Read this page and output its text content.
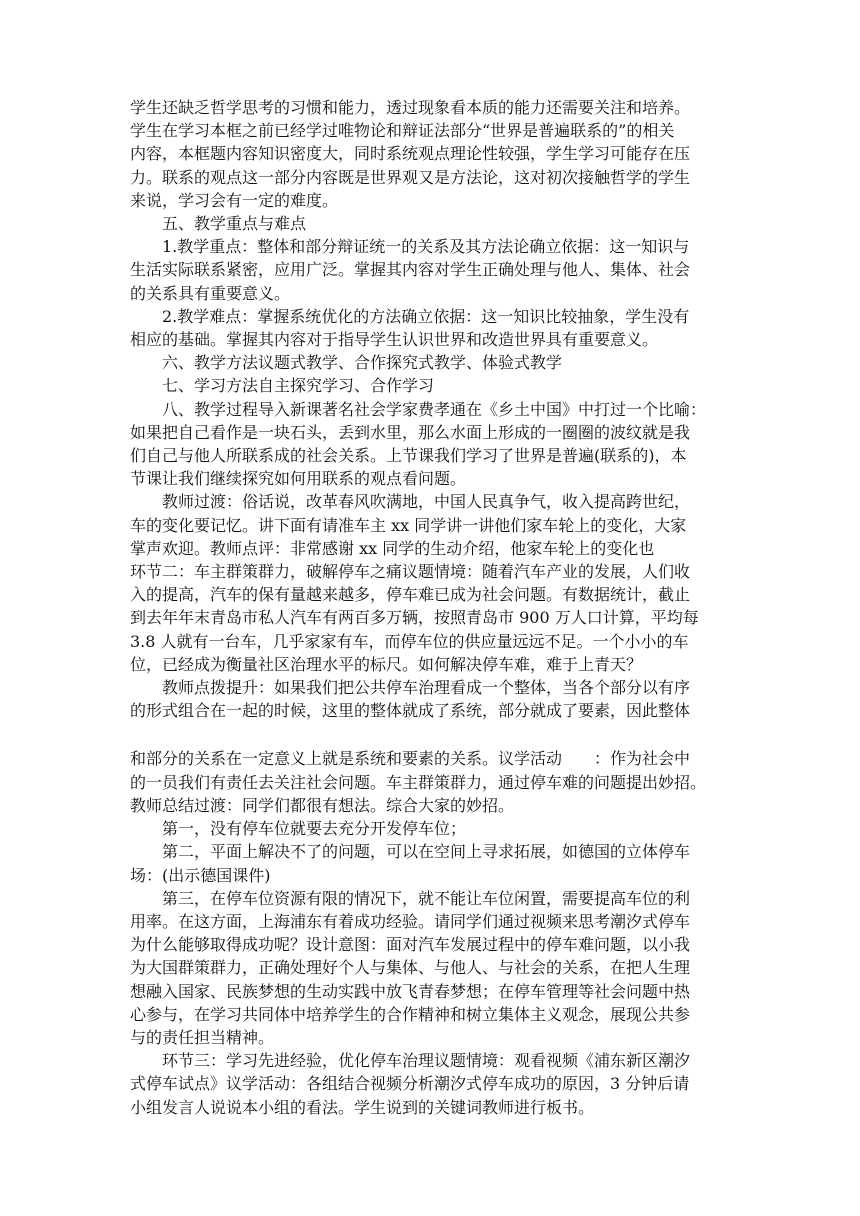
学生还缺乏哲学思考的习惯和能力，透过现象看本质的能力还需要关注和培养。

学生在学习本框之前已经学过唯物论和辩证法部分“世界是普遍联系的”的相关

内容，本框题内容知识密度大，同时系统观点理论性较强，学生学习可能存在压

力。联系的观点这一部分内容既是世界观又是方法论，这对初次接触哲学的学生

来说，学习会有一定的难度。

五、教学重点与难点

1.教学重点：整体和部分辩证统一的关系及其方法论确立依据：这一知识与

生活实际联系紧密，应用广泛。掌握其内容对学生正确处理与他人、集体、社会

的关系具有重要意义。

2.教学难点：掌握系统优化的方法确立依据：这一知识比较抽象，学生没有

相应的基础。掌握其内容对于指导学生认识世界和改造世界具有重要意义。

六、教学方法议题式教学、合作探究式教学、体验式教学

七、学习方法自主探究学习、合作学习

八、教学过程导入新课著名社会学家费孝通在《乡土中国》中打过一个比喻：

如果把自己看作是一块石头，丢到水里，那么水面上形成的一圈圈的波纹就是我

们自己与他人所联系成的社会关系。上节课我们学习了世界是普遍(联系的)，本

节课让我们继续探究如何用联系的观点看问题。

教师过渡：俗话说，改革春风吹满地，中国人民真争气，收入提高跨世纪，

车的变化要记忆。讲下面有请准车主 xx 同学讲一讲他们家车轮上的变化，大家

掌声欢迎。教师点评：非常感谢 xx 同学的生动介绍，他家车轮上的变化也

环节二：车主群策群力，破解停车之痛议题情境：随着汽车产业的发展，人们收

入的提高，汽车的保有量越来越多，停车难已成为社会问题。有数据统计，截止

到去年年末青岛市私人汽车有两百多万辆，按照青岛市 900 万人口计算，平均每

3.8 人就有一台车，几乎家家有车，而停车位的供应量远远不足。一个小小的车

位，已经成为衡量社区治理水平的标尺。如何解决停车难，难于上青天？

教师点拨提升：如果我们把公共停车治理看成一个整体，当各个部分以有序

的形式组合在一起的时候，这里的整体就成了系统，部分就成了要素，因此整体

和部分的关系在一定意义上就是系统和要素的关系。议学活动　　：作为社会中

的一员我们有责任去关注社会问题。车主群策群力，通过停车难的问题提出妙招。

教师总结过渡：同学们都很有想法。综合大家的妙招。

第一，没有停车位就要去充分开发停车位；

第二，平面上解决不了的问题，可以在空间上寻求拓展，如德国的立体停车

场：(出示德国课件)

第三，在停车位资源有限的情况下，就不能让车位闲置，需要提高车位的利

用率。在这方面，上海浦东有着成功经验。请同学们通过视频来思考潮汐式停车

为什么能够取得成功呢？设计意图：面对汽车发展过程中的停车难问题，以小我

为大国群策群力，正确处理好个人与集体、与他人、与社会的关系，在把人生理

想融入国家、民族梦想的生动实践中放飞青春梦想；在停车管理等社会问题中热

心参与，在学习共同体中培养学生的合作精神和树立集体主义观念，展现公共参

与的责任担当精神。

环节三：学习先进经验，优化停车治理议题情境：观看视频《浦东新区潮汐

式停车试点》议学活动：各组结合视频分析潮汐式停车成功的原因，3 分钟后请

小组发言人说说本小组的看法。学生说到的关键词教师进行板书。
